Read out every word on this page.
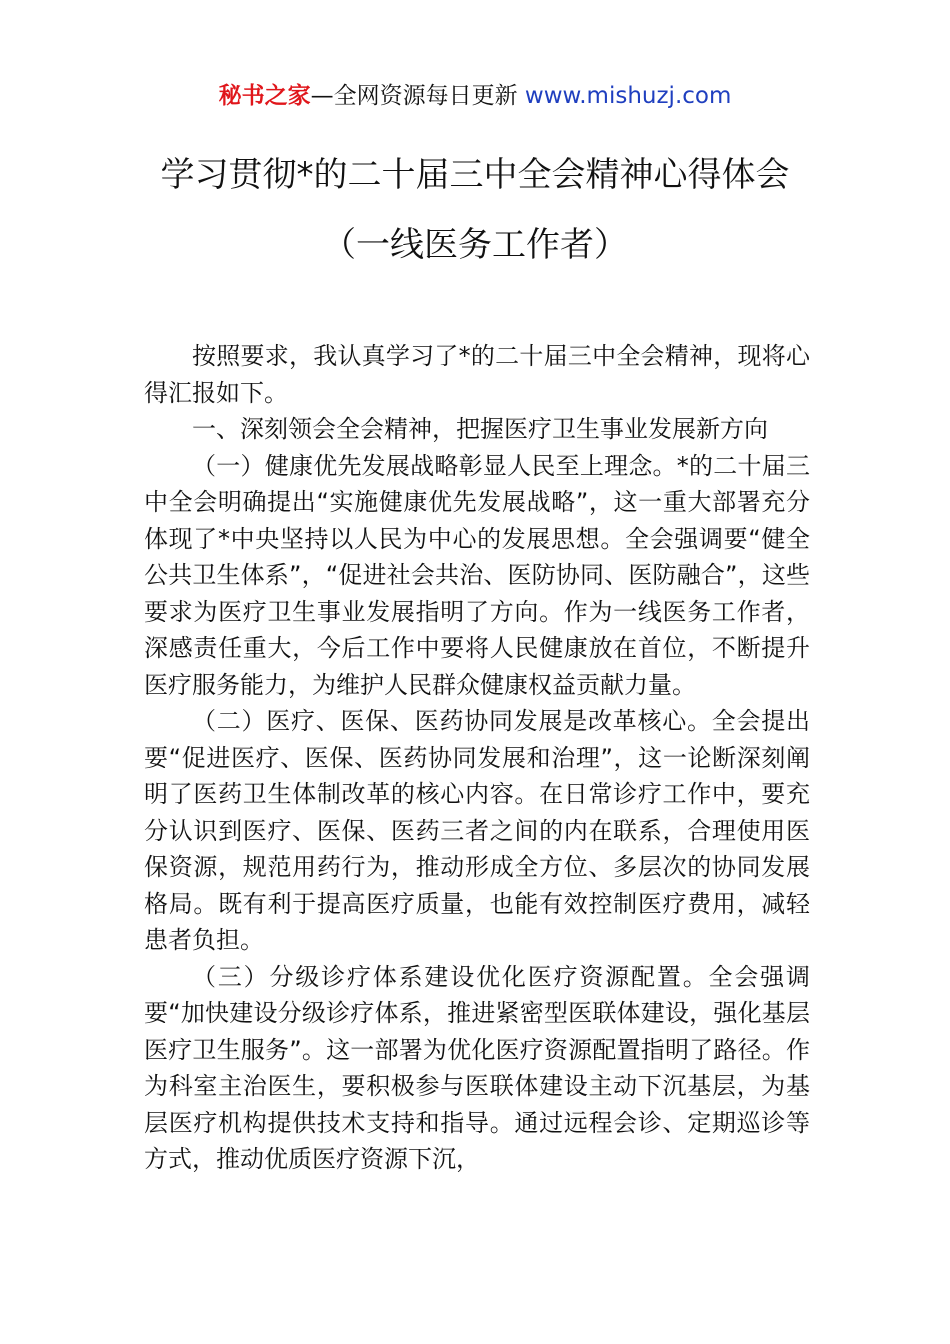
秘书之家—全网资源每日更新 www.mishuzj.com
学习贯彻*的二十届三中全会精神心得体会
（一线医务工作者）

按照要求，我认真学习了*的二十届三中全会精神，现将心得汇报如下。

一、深刻领会全会精神，把握医疗卫生事业发展新方向

（一）健康优先发展战略彰显人民至上理念。*的二十届三中全会明确提出“实施健康优先发展战略”，这一重大部署充分体现了*中央坚持以人民为中心的发展思想。全会强调要“健全公共卫生体系”，“促进社会共治、医防协同、医防融合”，这些要求为医疗卫生事业发展指明了方向。作为一线医务工作者，深感责任重大，今后工作中要将人民健康放在首位，不断提升医疗服务能力，为维护人民群众健康权益贡献力量。

（二）医疗、医保、医药协同发展是改革核心。全会提出要“促进医疗、医保、医药协同发展和治理”，这一论断深刻阐明了医药卫生体制改革的核心内容。在日常诊疗工作中，要充分认识到医疗、医保、医药三者之间的内在联系，合理使用医保资源，规范用药行为，推动形成全方位、多层次的协同发展格局。既有利于提高医疗质量，也能有效控制医疗费用，减轻患者负担。

（三）分级诊疗体系建设优化医疗资源配置。全会强调要“加快建设分级诊疗体系，推进紧密型医联体建设，强化基层医疗卫生服务”。这一部署为优化医疗资源配置指明了路径。作为科室主治医生，要积极参与医联体建设主动下沉基层，为基层医疗机构提供技术支持和指导。通过远程会诊、定期巡诊等方式，推动优质医疗资源下沉，
